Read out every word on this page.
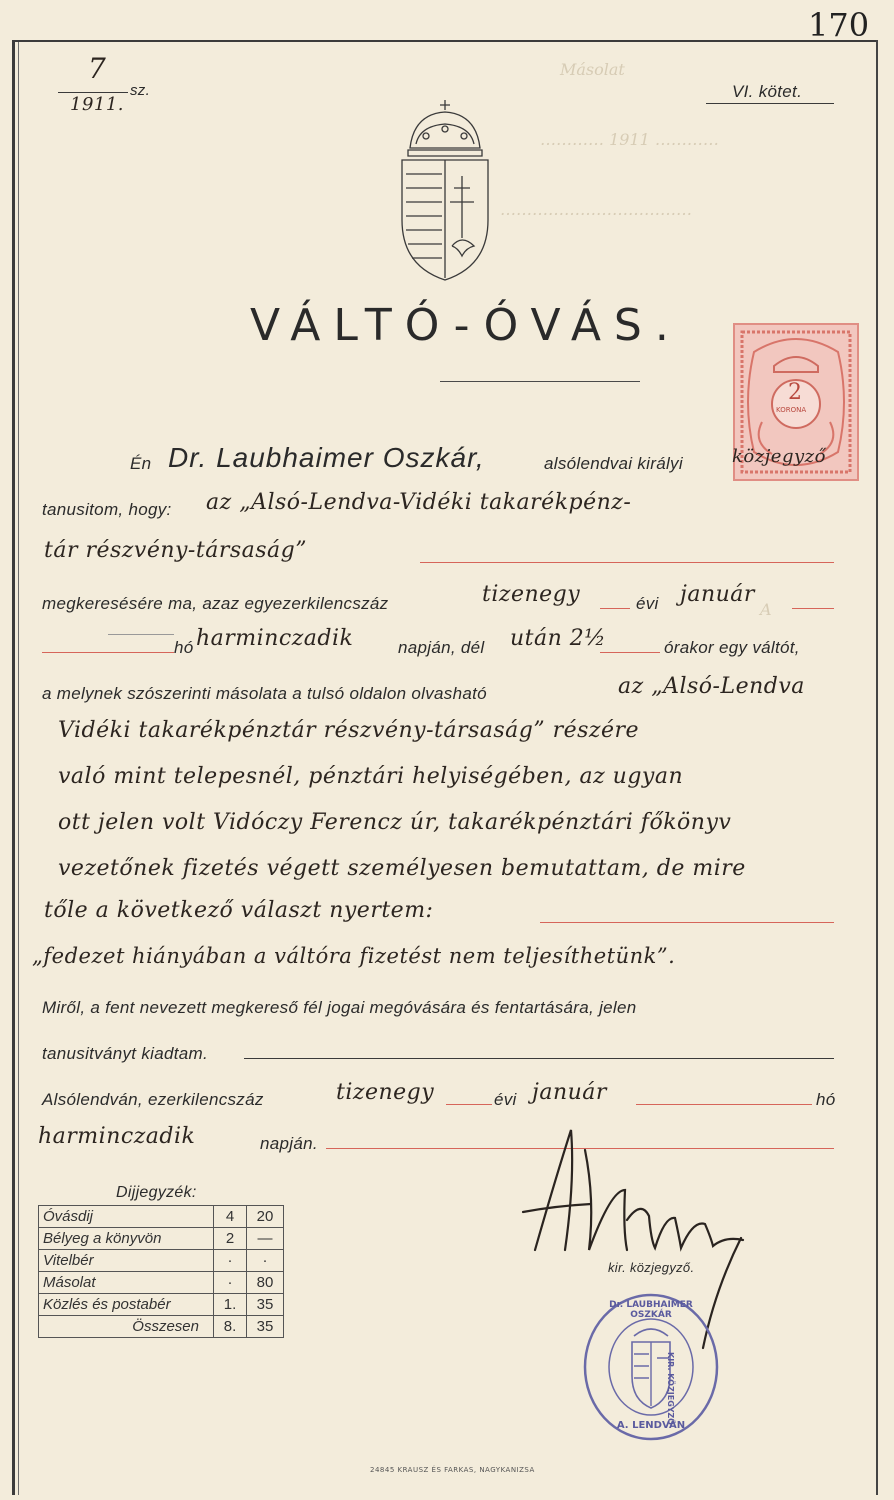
Másolat
………… 1911 …………
………………………………
A
170
7
1911.
sz.	VI. kötet.
VÁLTÓ-ÓVÁS.
2
KORONA
Én Dr. Laubhaimer Oszkár,	alsólendvai királyi	közjegyző
tanusitom, hogy: az „Alsó-Lendva-Vidéki takarékpénz-
tár részvény-társaság”
megkeresésére ma, azaz egyezerkilencszáz	tizenegy	évi január
hó harminczadik	napján, dél után 2½	órakor egy váltót,
a melynek szószerinti másolata a tulsó oldalon olvasható	az „Alsó-Lendva
Vidéki takarékpénztár részvény-társaság” részére
való mint telepesnél, pénztári helyiségében, az ugyan
ott jelen volt Vidóczy Ferencz úr, takarékpénztári főkönyv
vezetőnek fizetés végett személyesen bemutattam, de mire
tőle a következő választ nyertem:
„fedezet hiányában a váltóra fizetést nem teljesíthetünk”.
Miről, a fent nevezett megkereső fél jogai megóvására és fentartására, jelen
tanusitványt kiadtam.
Alsólendván, ezerkilencszáz	tizenegy	évi január	hó
harminczadik	napján.
Dijjegyzék:
Óvásdij	4	20
Bélyeg a könyvön	2	—
Vitelbér	·	·
Másolat	·	80
Közlés és postabér	1.	35
Összesen	8.	35
kir. közjegyző.
Dr. LAUBHAIMER OSZKÁR
KIR. KÖZJEGYZŐ
A. LENDVÁN
24845 KRAUSZ ÉS FARKAS, NAGYKANIZSA
